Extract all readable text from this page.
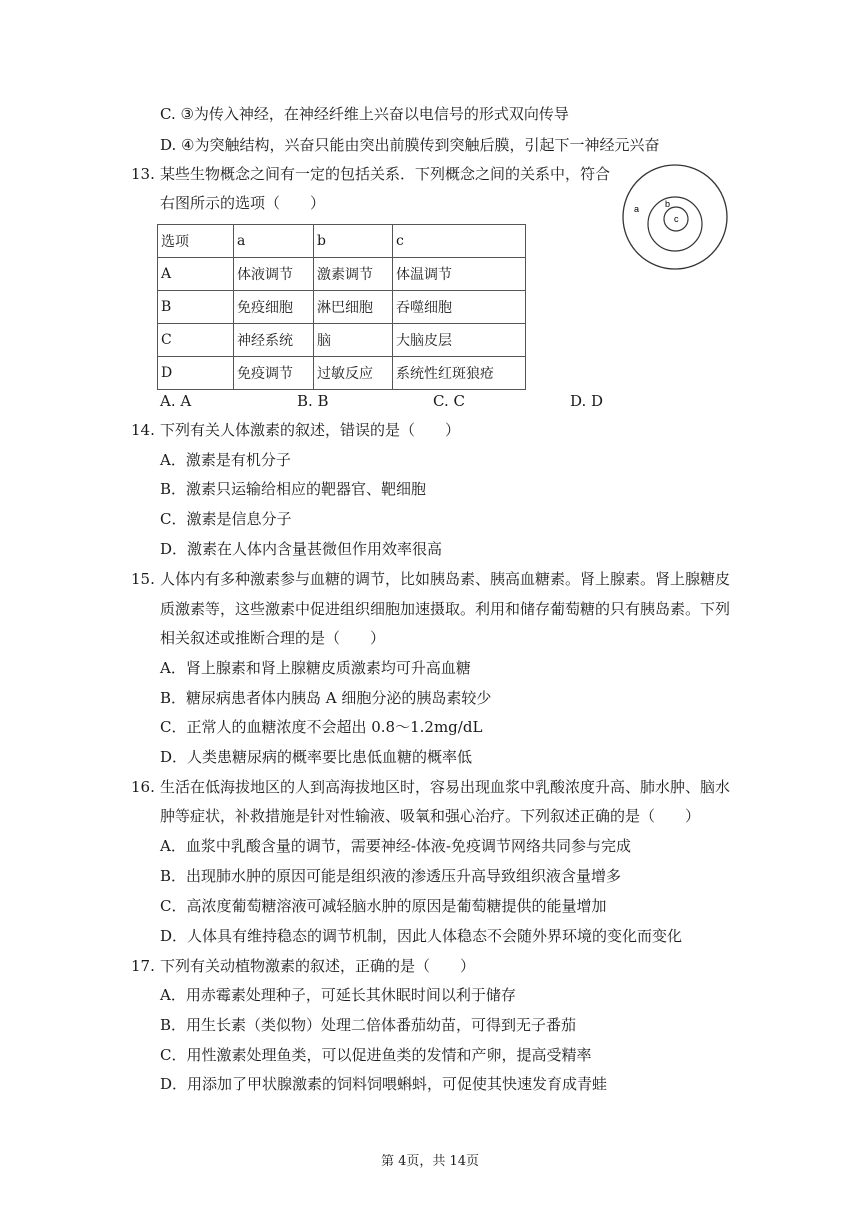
C. ③为传入神经，在神经纤维上兴奋以电信号的形式双向传导
D. ④为突触结构，兴奋只能由突出前膜传到突触后膜，引起下一神经元兴奋
13. 某些生物概念之间有一定的包括关系．下列概念之间的关系中，符合
右图所示的选项（　　）	a	b
c
选项	a	b	c
A	体液调节	激素调节	体温调节
B	免疫细胞	淋巴细胞	吞噬细胞
C	神经系统	脑	大脑皮层
D	免疫调节	过敏反应	系统性红斑狼疮
A. A	B. B	C. C	D. D
14. 下列有关人体激素的叙述，错误的是（　　）
A．激素是有机分子
B．激素只运输给相应的靶器官、靶细胞
C．激素是信息分子
D．激素在人体内含量甚微但作用效率很高
15. 人体内有多种激素参与血糖的调节，比如胰岛素、胰高血糖素。肾上腺素。肾上腺糖皮
质激素等，这些激素中促进组织细胞加速摄取。利用和储存葡萄糖的只有胰岛素。下列
相关叙述或推断合理的是（　　）
A．肾上腺素和肾上腺糖皮质激素均可升高血糖
B．糖尿病患者体内胰岛 A 细胞分泌的胰岛素较少
C．正常人的血糖浓度不会超出 0.8～1.2mg/dL
D．人类患糖尿病的概率要比患低血糖的概率低
16. 生活在低海拔地区的人到高海拔地区时，容易出现血浆中乳酸浓度升高、肺水肿、脑水
肿等症状，补救措施是针对性输液、吸氧和强心治疗。下列叙述正确的是（　　）
A．血浆中乳酸含量的调节，需要神经-体液-免疫调节网络共同参与完成
B．出现肺水肿的原因可能是组织液的渗透压升高导致组织液含量增多
C．高浓度葡萄糖溶液可减轻脑水肿的原因是葡萄糖提供的能量增加
D．人体具有维持稳态的调节机制，因此人体稳态不会随外界环境的变化而变化
17. 下列有关动植物激素的叙述，正确的是（　　）
A．用赤霉素处理种子，可延长其休眠时间以利于储存
B．用生长素（类似物）处理二倍体番茄幼苗，可得到无子番茄
C．用性激素处理鱼类，可以促进鱼类的发情和产卵，提高受精率
D．用添加了甲状腺激素的饲料饲喂蝌蚪，可促使其快速发育成青蛙
第 4页，共 14页
